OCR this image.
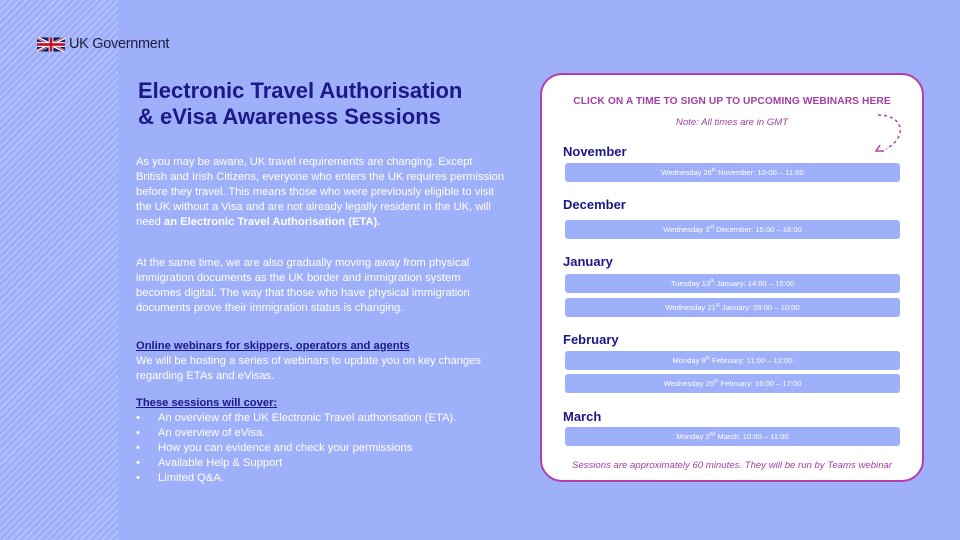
UK Government
Electronic Travel Authorisation
& eVisa Awareness Sessions
As you may be aware, UK travel requirements are changing. Except British and Irish Citizens, everyone who enters the UK requires permission before they travel. This means those who were previously eligible to visit the UK without a Visa and are not already legally resident in the UK, will need an Electronic Travel Authorisation (ETA).
At the same time, we are also gradually moving away from physical immigration documents as the UK border and immigration system becomes digital. The way that those who have physical immigration documents prove their immigration status is changing.
Online webinars for skippers, operators and agents
We will be hosting a series of webinars to update you on key changes regarding ETAs and eVisas.
These sessions will cover:
•	An overview of the UK Electronic Travel authorisation (ETA).
•	An overview of eVisa.
•	How you can evidence and check your permissions
•	Available Help & Support
•	Limited Q&A.
CLICK ON A TIME TO SIGN UP TO UPCOMING WEBINARS HERE
Note: All times are in GMT
November
Wednesday 26th November: 10-00 – 11:00
December
Wednesday 3rd December: 15:00 – 16:00
January
Tuesday 13th January: 14:00 – 15:00
Wednesday 21st January: 09:00 – 10:00
February
Monday 9th February: 11:00 – 12:00
Wednesday 25th February: 16:00 – 17:00
March
Monday 2nd March: 10:00 – 11:00
Sessions are approximately 60 minutes. They will be run by Teams webinar
